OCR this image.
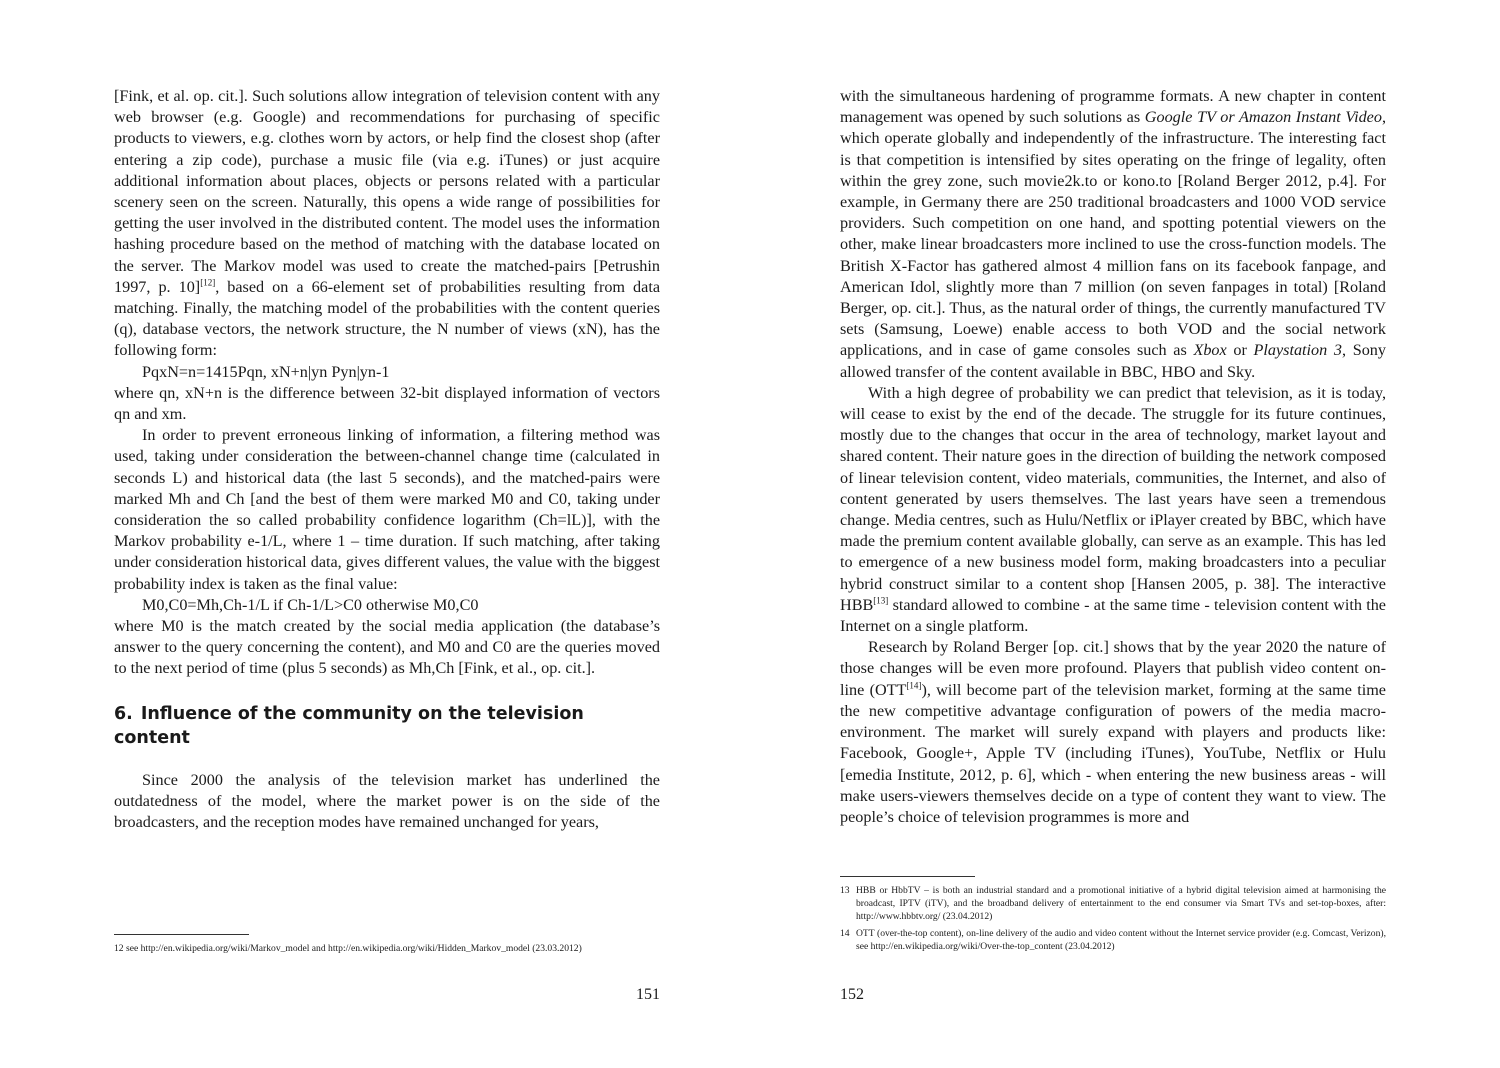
[Fink, et al. op. cit.]. Such solutions allow integration of television content with any web browser (e.g. Google) and recommendations for purchasing of specific products to viewers, e.g. clothes worn by actors, or help find the closest shop (after entering a zip code), purchase a music file (via e.g. iTunes) or just acquire additional information about places, objects or persons related with a particular scenery seen on the screen. Naturally, this opens a wide range of possibilities for getting the user involved in the distributed content. The model uses the information hashing procedure based on the method of matching with the database located on the server. The Markov model was used to create the matched-pairs [Petrushin 1997, p. 10][12], based on a 66-element set of probabilities resulting from data matching. Finally, the matching model of the probabilities with the content queries (q), database vectors, the network structure, the N number of views (xN), has the following form:

PqxN=n=1415Pqn, xN+n|yn Pyn|yn-1

where qn, xN+n is the difference between 32-bit displayed information of vectors qn and xm.

In order to prevent erroneous linking of information, a filtering method was used, taking under consideration the between-channel change time (calculated in seconds L) and historical data (the last 5 seconds), and the matched-pairs were marked Mh and Ch [and the best of them were marked M0 and C0, taking under consideration the so called probability confidence logarithm (Ch=lL)], with the Markov probability e-1/L, where 1 – time duration. If such matching, after taking under consideration historical data, gives different values, the value with the biggest probability index is taken as the final value:

M0,C0=Mh,Ch-1/L if Ch-1/L>C0 otherwise M0,C0

where M0 is the match created by the social media application (the database’s answer to the query concerning the content), and M0 and C0 are the queries moved to the next period of time (plus 5 seconds) as Mh,Ch [Fink, et al., op. cit.].

6. Influence of the community on the television content

Since 2000 the analysis of the television market has underlined the outdatedness of the model, where the market power is on the side of the broadcasters, and the reception modes have remained unchanged for years,

12 see http://en.wikipedia.org/wiki/Markov_model and http://en.wikipedia.org/wiki/Hidden_Markov_model (23.03.2012)
151

with the simultaneous hardening of programme formats. A new chapter in content management was opened by such solutions as Google TV or Amazon Instant Video, which operate globally and independently of the infrastructure. The interesting fact is that competition is intensified by sites operating on the fringe of legality, often within the grey zone, such movie2k.to or kono.to [Roland Berger 2012, p.4]. For example, in Germany there are 250 traditional broadcasters and 1000 VOD service providers. Such competition on one hand, and spotting potential viewers on the other, make linear broadcasters more inclined to use the cross-function models. The British X-Factor has gathered almost 4 million fans on its facebook fanpage, and American Idol, slightly more than 7 million (on seven fanpages in total) [Roland Berger, op. cit.]. Thus, as the natural order of things, the currently manufactured TV sets (Samsung, Loewe) enable access to both VOD and the social network applications, and in case of game consoles such as Xbox or Playstation 3, Sony allowed transfer of the content available in BBC, HBO and Sky.

With a high degree of probability we can predict that television, as it is today, will cease to exist by the end of the decade. The struggle for its future continues, mostly due to the changes that occur in the area of technology, market layout and shared content. Their nature goes in the direction of building the network composed of linear television content, video materials, communities, the Internet, and also of content generated by users themselves. The last years have seen a tremendous change. Media centres, such as Hulu/Netflix or iPlayer created by BBC, which have made the premium content available globally, can serve as an example. This has led to emergence of a new business model form, making broadcasters into a peculiar hybrid construct similar to a content shop [Hansen 2005, p. 38]. The interactive HBB[13] standard allowed to combine - at the same time - television content with the Internet on a single platform.

Research by Roland Berger [op. cit.] shows that by the year 2020 the nature of those changes will be even more profound. Players that publish video content on-line (OTT[14]), will become part of the television market, forming at the same time the new competitive advantage configuration of powers of the media macro-environment. The market will surely expand with players and products like: Facebook, Google+, Apple TV (including iTunes), YouTube, Netflix or Hulu [emedia Institute, 2012, p. 6], which - when entering the new business areas - will make users-viewers themselves decide on a type of content they want to view. The people’s choice of television programmes is more and

13 HBB or HbbTV – is both an industrial standard and a promotional initiative of a hybrid digital television aimed at harmonising the broadcast, IPTV (iTV), and the broadband delivery of entertainment to the end consumer via Smart TVs and set-top-boxes, after: http://www.hbbtv.org/ (23.04.2012)
14 OTT (over-the-top content), on-line delivery of the audio and video content without the Internet service provider (e.g. Comcast, Verizon), see http://en.wikipedia.org/wiki/Over-the-top_content (23.04.2012)
152
